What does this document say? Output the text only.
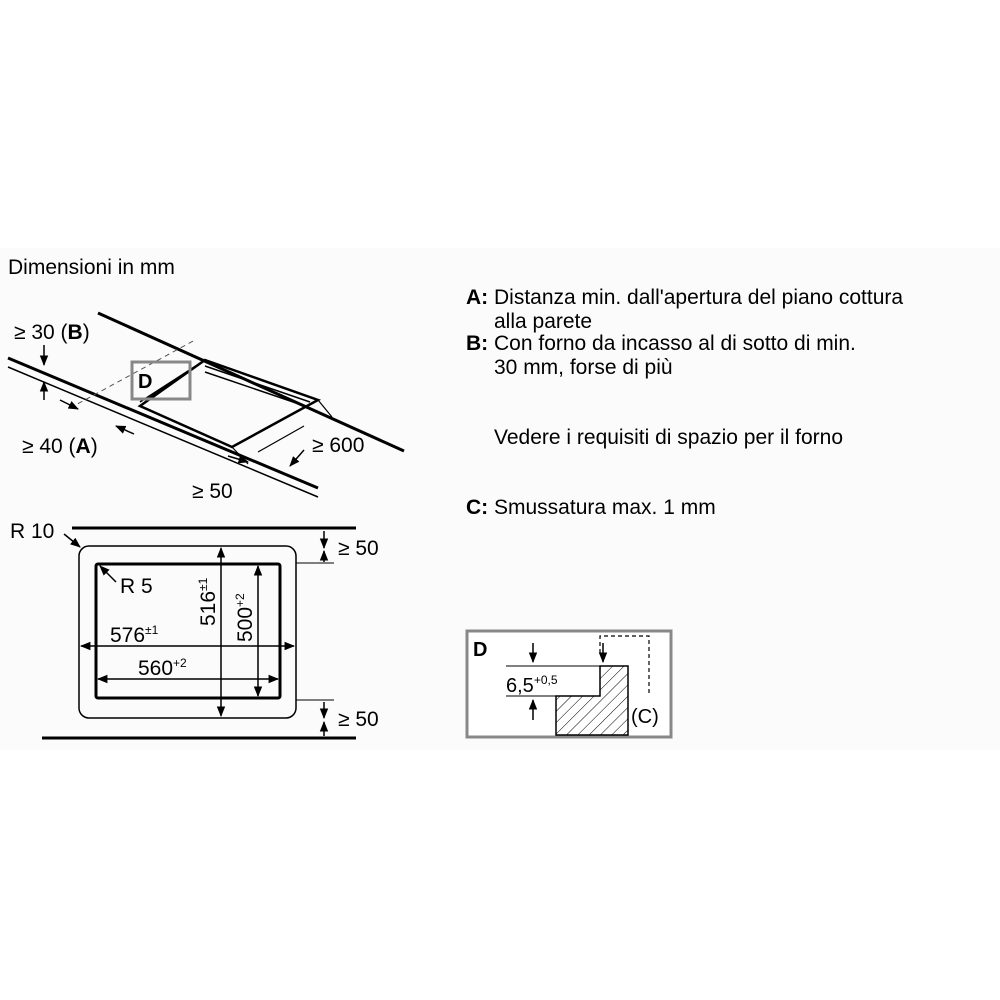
Dimensioni in mm
D
≥ 30 (B)
≥ 40 (A)	≥ 600
≥ 50
R 10
R 5
$576^{\pm 1}$
$560^{+2}$
$516^{\pm 1}$
$500^{+2}$
≥ 50
≥ 50
D
$6,5^{+0,5}$
(C)
A: Distanza min. dall'apertura del piano cottura
alla parete
B: Con forno da incasso al di sotto di min.
30 mm, forse di più
Vedere i requisiti di spazio per il forno
C: Smussatura max. 1 mm
